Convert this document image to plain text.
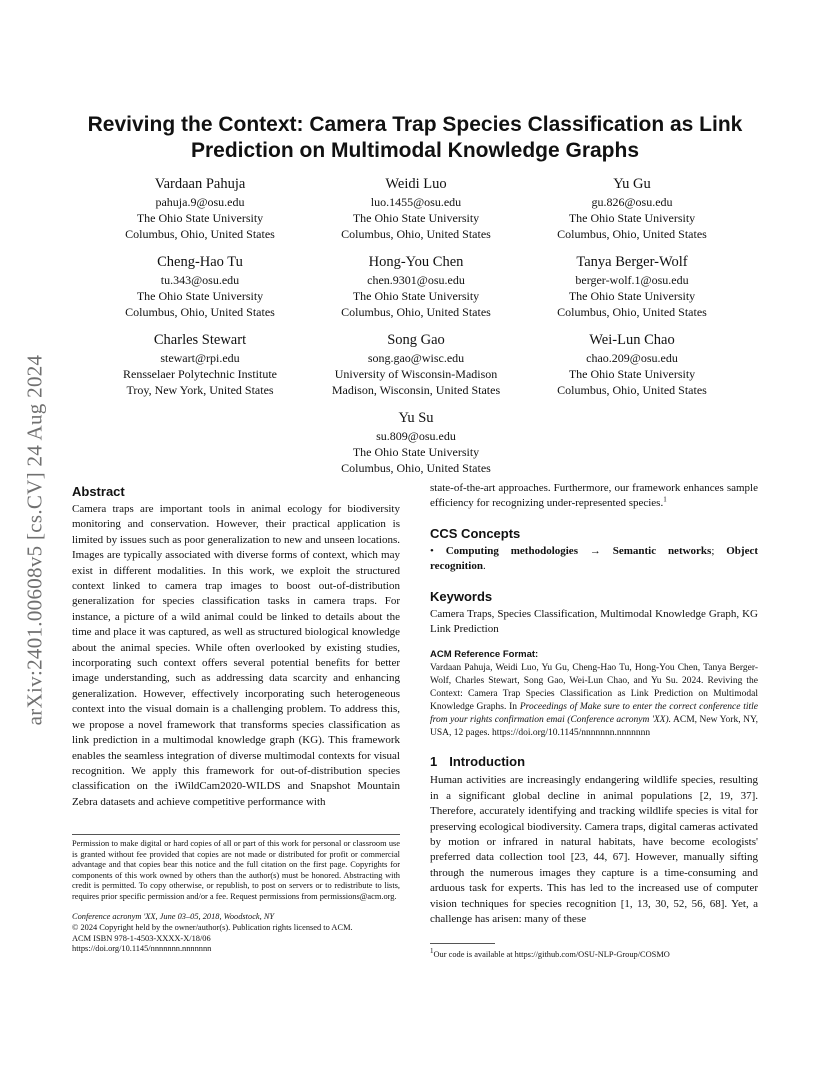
arXiv:2401.00608v5 [cs.CV] 24 Aug 2024
Reviving the Context: Camera Trap Species Classification as Link
Prediction on Multimodal Knowledge Graphs
Vardaan Pahuja
pahuja.9@osu.edu
The Ohio State University
Columbus, Ohio, United States
Weidi Luo
luo.1455@osu.edu
The Ohio State University
Columbus, Ohio, United States
Yu Gu
gu.826@osu.edu
The Ohio State University
Columbus, Ohio, United States
Cheng-Hao Tu
tu.343@osu.edu
The Ohio State University
Columbus, Ohio, United States
Hong-You Chen
chen.9301@osu.edu
The Ohio State University
Columbus, Ohio, United States
Tanya Berger-Wolf
berger-wolf.1@osu.edu
The Ohio State University
Columbus, Ohio, United States
Charles Stewart
stewart@rpi.edu
Rensselaer Polytechnic Institute
Troy, New York, United States
Song Gao
song.gao@wisc.edu
University of Wisconsin-Madison
Madison, Wisconsin, United States
Wei-Lun Chao
chao.209@osu.edu
The Ohio State University
Columbus, Ohio, United States
Yu Su
su.809@osu.edu
The Ohio State University
Columbus, Ohio, United States
Abstract

Camera traps are important tools in animal ecology for biodiversity monitoring and conservation. However, their practical application is limited by issues such as poor generalization to new and unseen locations. Images are typically associated with diverse forms of context, which may exist in different modalities. In this work, we exploit the structured context linked to camera trap images to boost out-of-distribution generalization for species classification tasks in camera traps. For instance, a picture of a wild animal could be linked to details about the time and place it was captured, as well as structured biological knowledge about the animal species. While often overlooked by existing studies, incorporating such context offers several potential benefits for better image understanding, such as addressing data scarcity and enhancing generalization. However, effectively incorporating such heterogeneous context into the visual domain is a challenging problem. To address this, we propose a novel framework that transforms species classification as link prediction in a multimodal knowledge graph (KG). This framework enables the seamless integration of diverse multimodal contexts for visual recognition. We apply this framework for out-of-distribution species classification on the iWildCam2020-WILDS and Snapshot Mountain Zebra datasets and achieve competitive performance with

Permission to make digital or hard copies of all or part of this work for personal or classroom use is granted without fee provided that copies are not made or distributed for profit or commercial advantage and that copies bear this notice and the full citation on the first page. Copyrights for components of this work owned by others than the author(s) must be honored. Abstracting with credit is permitted. To copy otherwise, or republish, to post on servers or to redistribute to lists, requires prior specific permission and/or a fee. Request permissions from permissions@acm.org.

Conference acronym 'XX, June 03–05, 2018, Woodstock, NY
© 2024 Copyright held by the owner/author(s). Publication rights licensed to ACM.
ACM ISBN 978-1-4503-XXXX-X/18/06
https://doi.org/10.1145/nnnnnnn.nnnnnnn

state-of-the-art approaches. Furthermore, our framework enhances sample efficiency for recognizing under-represented species.$^1$

CCS Concepts

• Computing methodologies → Semantic networks; Object recognition.

Keywords

Camera Traps, Species Classification, Multimodal Knowledge Graph, KG Link Prediction

ACM Reference Format:

Vardaan Pahuja, Weidi Luo, Yu Gu, Cheng-Hao Tu, Hong-You Chen, Tanya Berger-Wolf, Charles Stewart, Song Gao, Wei-Lun Chao, and Yu Su. 2024. Reviving the Context: Camera Trap Species Classification as Link Prediction on Multimodal Knowledge Graphs. In Proceedings of Make sure to enter the correct conference title from your rights confirmation emai (Conference acronym 'XX). ACM, New York, NY, USA, 12 pages. https://doi.org/10.1145/nnnnnnn.nnnnnnn

1 Introduction

Human activities are increasingly endangering wildlife species, resulting in a significant global decline in animal populations [2, 19, 37]. Therefore, accurately identifying and tracking wildlife species is vital for preserving ecological biodiversity. Camera traps, digital cameras activated by motion or infrared in natural habitats, have become ecologists' preferred data collection tool [23, 44, 67]. However, manually sifting through the numerous images they capture is a time-consuming and arduous task for experts. This has led to the increased use of computer vision techniques for species recognition [1, 13, 30, 52, 56, 68]. Yet, a challenge has arisen: many of these

$^1$Our code is available at https://github.com/OSU-NLP-Group/COSMO
